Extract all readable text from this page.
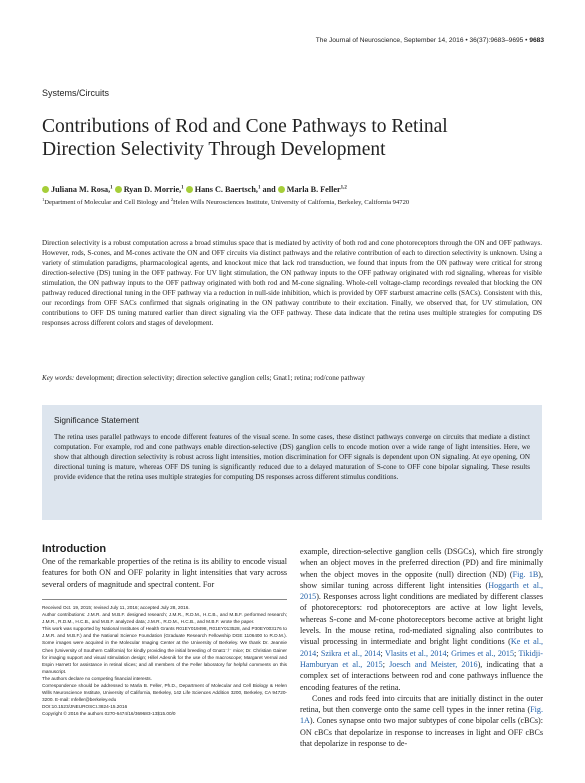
The Journal of Neuroscience, September 14, 2016 • 36(37):9683–9695 • 9683
Systems/Circuits
Contributions of Rod and Cone Pathways to Retinal Direction Selectivity Through Development
Juliana M. Rosa,$^1$ Ryan D. Morrie,$^1$ Hans C. Baertsch,$^1$ and Marla B. Feller$^{1,2}$
$^1$Department of Molecular and Cell Biology and $^2$Helen Wills Neurosciences Institute, University of California, Berkeley, California 94720
Direction selectivity is a robust computation across a broad stimulus space that is mediated by activity of both rod and cone photoreceptors through the ON and OFF pathways. However, rods, S-cones, and M-cones activate the ON and OFF circuits via distinct pathways and the relative contribution of each to direction selectivity is unknown. Using a variety of stimulation paradigms, pharmacological agents, and knockout mice that lack rod transduction, we found that inputs from the ON pathway were critical for strong direction-selective (DS) tuning in the OFF pathway. For UV light stimulation, the ON pathway inputs to the OFF pathway originated with rod signaling, whereas for visible stimulation, the ON pathway inputs to the OFF pathway originated with both rod and M-cone signaling. Whole-cell voltage-clamp recordings revealed that blocking the ON pathway reduced directional tuning in the OFF pathway via a reduction in null-side inhibition, which is provided by OFF starburst amacrine cells (SACs). Consistent with this, our recordings from OFF SACs confirmed that signals originating in the ON pathway contribute to their excitation. Finally, we observed that, for UV stimulation, ON contributions to OFF DS tuning matured earlier than direct signaling via the OFF pathway. These data indicate that the retina uses multiple strategies for computing DS responses across different colors and stages of development.
Key words: development; direction selectivity; direction selective ganglion cells; Gnat1; retina; rod/cone pathway
Significance Statement
The retina uses parallel pathways to encode different features of the visual scene. In some cases, these distinct pathways converge on circuits that mediate a distinct computation. For example, rod and cone pathways enable direction-selective (DS) ganglion cells to encode motion over a wide range of light intensities. Here, we show that although direction selectivity is robust across light intensities, motion discrimination for OFF signals is dependent upon ON signaling. At eye opening, ON directional tuning is mature, whereas OFF DS tuning is significantly reduced due to a delayed maturation of S-cone to OFF cone bipolar signaling. These results provide evidence that the retina uses multiple strategies for computing DS responses across different stimulus conditions.
Introduction
One of the remarkable properties of the retina is its ability to encode visual features for both ON and OFF polarity in light intensities that vary across several orders of magnitude and spectral content. For

Received Oct. 19, 2015; revised July 11, 2016; accepted July 28, 2016.

Author contributions: J.M.R. and M.B.F. designed research; J.M.R., R.D.M., H.C.B., and M.B.F. performed research; J.M.R., R.D.M., H.C.B., and M.B.F. analyzed data; J.M.R., R.D.M., H.C.B., and M.B.F. wrote the paper.

This work was supported by National Institutes of Health Grants R01EY019498, R01EY013528, and P30EY003176 to J.M.R. and M.B.F.) and the National Science Foundation (Graduate Research Fellowship DGE 1106400 to R.D.M.). Some images were acquired in the Molecular Imaging Center at the University of Berkeley. We thank Dr. Jeannie Chen (University of Southern California) for kindly providing the initial breeding of Gnat1⁻/⁻ mice; Dr. Christian Gainer for imaging support and visual stimulation design; Hillel Adesnik for the use of the macroscope; Margaret Vernal and Espin Harnett for assistance in retinal slices; and all members of the Feller laboratory for helpful comments on this manuscript.

The authors declare no competing financial interests.

Correspondence should be addressed to Marla B. Feller, Ph.D., Department of Molecular and Cell Biology & Helen Wills Neuroscience Institute, University of California, Berkeley, 142 Life Sciences Addition 3200, Berkeley, CA 94720-3200. E-mail: mfeller@berkeley.edu

DOI:10.1523/JNEUROSCI.3824-15.2016

Copyright © 2016 the authors 0270-6474/16/369683-13$15.00/0

example, direction-selective ganglion cells (DSGCs), which fire strongly when an object moves in the preferred direction (PD) and fire minimally when the object moves in the opposite (null) direction (ND) (Fig. 1B), show similar tuning across different light intensities (Hoggarth et al., 2015). Responses across light conditions are mediated by different classes of photoreceptors: rod photoreceptors are active at low light levels, whereas S-cone and M-cone photoreceptors become active at bright light levels. In the mouse retina, rod-mediated signaling also contributes to visual processing in intermediate and bright light conditions (Ke et al., 2014; Szikra et al., 2014; Vlasits et al., 2014; Grimes et al., 2015; Tikidji-Hamburyan et al., 2015; Joesch and Meister, 2016), indicating that a complex set of interactions between rod and cone pathways influence the encoding features of the retina.

Cones and rods feed into circuits that are initially distinct in the outer retina, but then converge onto the same cell types in the inner retina (Fig. 1A). Cones synapse onto two major subtypes of cone bipolar cells (cBCs): ON cBCs that depolarize in response to increases in light and OFF cBCs that depolarize in response to de-
